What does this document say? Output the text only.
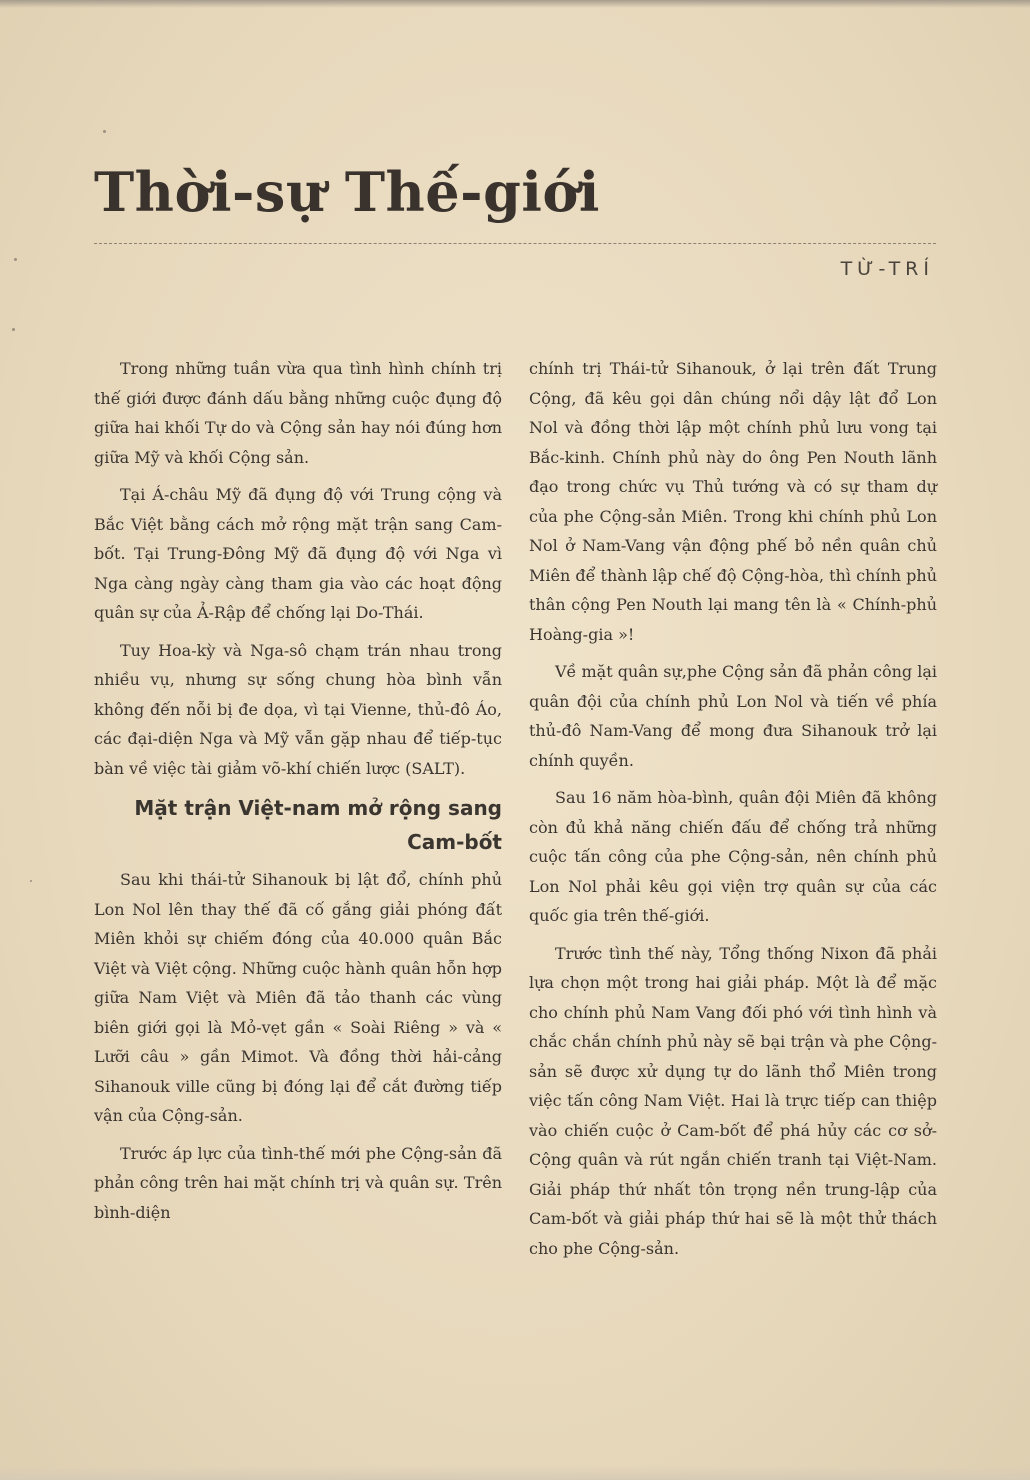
Thời-sự Thế-giới
TỪ-TRÍ

Trong những tuần vừa qua tình hình chính trị thế giới được đánh dấu bằng những cuộc đụng độ giữa hai khối Tự do và Cộng sản hay nói đúng hơn giữa Mỹ và khối Cộng sản.

Tại Á-châu Mỹ đã đụng độ với Trung cộng và Bắc Việt bằng cách mở rộng mặt trận sang Cam-bốt. Tại Trung-Đông Mỹ đã đụng độ với Nga vì Nga càng ngày càng tham gia vào các hoạt động quân sự của Ả-Rập để chống lại Do-Thái.

Tuy Hoa-kỳ và Nga-sô chạm trán nhau trong nhiều vụ, nhưng sự sống chung hòa bình vẫn không đến nỗi bị đe dọa, vì tại Vienne, thủ-đô Áo, các đại-diện Nga và Mỹ vẫn gặp nhau để tiếp-tục bàn về việc tài giảm võ-khí chiến lược (SALT).

Mặt trận Việt-nam mở rộng sang Cam-bốt

Sau khi thái-tử Sihanouk bị lật đổ, chính phủ Lon Nol lên thay thế đã cố gắng giải phóng đất Miên khỏi sự chiếm đóng của 40.000 quân Bắc Việt và Việt cộng. Những cuộc hành quân hỗn hợp giữa Nam Việt và Miên đã tảo thanh các vùng biên giới gọi là Mỏ-vẹt gần « Soài Riêng » và « Lưỡi câu » gần Mimot. Và đồng thời hải-cảng Sihanouk ville cũng bị đóng lại để cắt đường tiếp vận của Cộng-sản.

Trước áp lực của tình-thế mới phe Cộng-sản đã phản công trên hai mặt chính trị và quân sự. Trên bình-diện

chính trị Thái-tử Sihanouk, ở lại trên đất Trung Cộng, đã kêu gọi dân chúng nổi dậy lật đổ Lon Nol và đồng thời lập một chính phủ lưu vong tại Bắc-kinh. Chính phủ này do ông Pen Nouth lãnh đạo trong chức vụ Thủ tướng và có sự tham dự của phe Cộng-sản Miên. Trong khi chính phủ Lon Nol ở Nam-Vang vận động phế bỏ nền quân chủ Miên để thành lập chế độ Cộng-hòa, thì chính phủ thân cộng Pen Nouth lại mang tên là « Chính-phủ Hoàng-gia »!

Về mặt quân sự,phe Cộng sản đã phản công lại quân đội của chính phủ Lon Nol và tiến về phía thủ-đô Nam-Vang để mong đưa Sihanouk trở lại chính quyền.

Sau 16 năm hòa-bình, quân đội Miên đã không còn đủ khả năng chiến đấu để chống trả những cuộc tấn công của phe Cộng-sản, nên chính phủ Lon Nol phải kêu gọi viện trợ quân sự của các quốc gia trên thế-giới.

Trước tình thế này, Tổng thống Nixon đã phải lựa chọn một trong hai giải pháp. Một là để mặc cho chính phủ Nam Vang đối phó với tình hình và chắc chắn chính phủ này sẽ bại trận và phe Cộng-sản sẽ được xử dụng tự do lãnh thổ Miên trong việc tấn công Nam Việt. Hai là trực tiếp can thiệp vào chiến cuộc ở Cam-bốt để phá hủy các cơ sở-Cộng quân và rút ngắn chiến tranh tại Việt-Nam. Giải pháp thứ nhất tôn trọng nền trung-lập của Cam-bốt và giải pháp thứ hai sẽ là một thử thách cho phe Cộng-sản.
